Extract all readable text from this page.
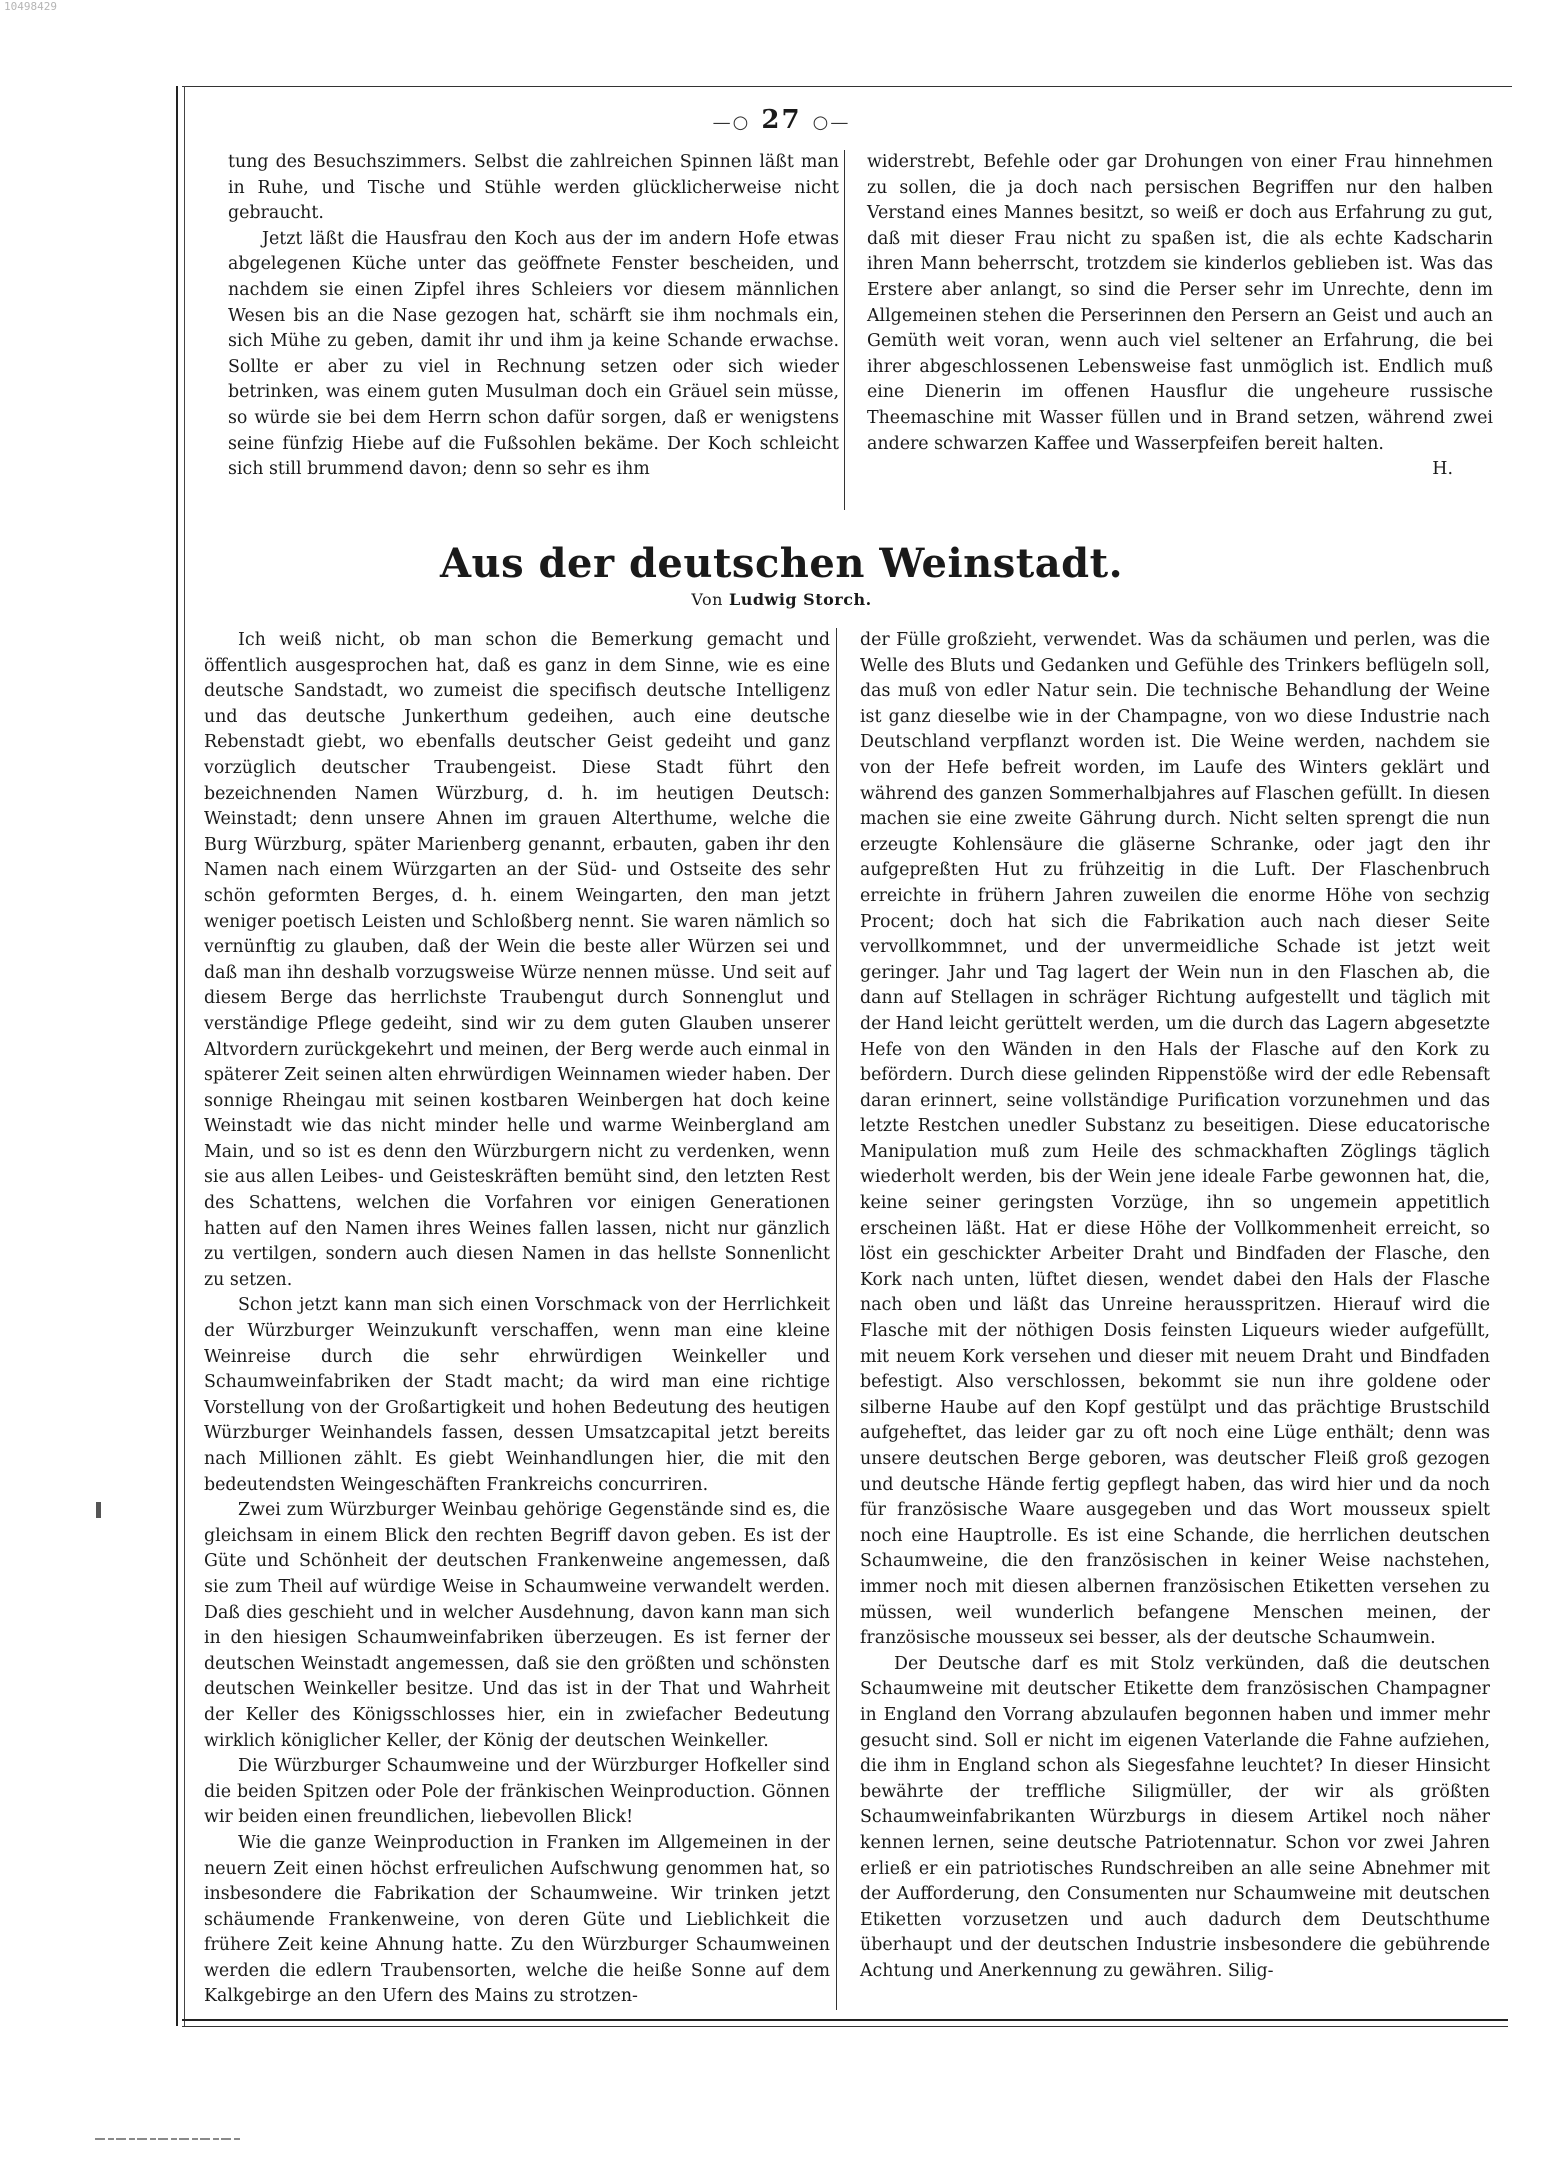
10498429
—○ 27 ○—

tung des Besuchszimmers. Selbst die zahlreichen Spinnen läßt man in Ruhe, und Tische und Stühle werden glücklicherweise nicht gebraucht.

Jetzt läßt die Hausfrau den Koch aus der im andern Hofe etwas abgelegenen Küche unter das geöffnete Fenster bescheiden, und nachdem sie einen Zipfel ihres Schleiers vor diesem männlichen Wesen bis an die Nase gezogen hat, schärft sie ihm nochmals ein, sich Mühe zu geben, damit ihr und ihm ja keine Schande erwachse. Sollte er aber zu viel in Rechnung setzen oder sich wieder betrinken, was einem guten Musulman doch ein Gräuel sein müsse, so würde sie bei dem Herrn schon dafür sorgen, daß er wenigstens seine fünfzig Hiebe auf die Fußsohlen bekäme. Der Koch schleicht sich still brummend davon; denn so sehr es ihm

widerstrebt, Befehle oder gar Drohungen von einer Frau hinnehmen zu sollen, die ja doch nach persischen Begriffen nur den halben Verstand eines Mannes besitzt, so weiß er doch aus Erfahrung zu gut, daß mit dieser Frau nicht zu spaßen ist, die als echte Kadscharin ihren Mann beherrscht, trotzdem sie kinderlos geblieben ist. Was das Erstere aber anlangt, so sind die Perser sehr im Unrechte, denn im Allgemeinen stehen die Perserinnen den Persern an Geist und auch an Gemüth weit voran, wenn auch viel seltener an Erfahrung, die bei ihrer abgeschlossenen Lebensweise fast unmöglich ist. Endlich muß eine Dienerin im offenen Hausflur die ungeheure russische Theemaschine mit Wasser füllen und in Brand setzen, während zwei andere schwarzen Kaffee und Wasserpfeifen bereit halten.

H.

Aus der deutschen Weinstadt.
Von Ludwig Storch.

Ich weiß nicht, ob man schon die Bemerkung gemacht und öffentlich ausgesprochen hat, daß es ganz in dem Sinne, wie es eine deutsche Sandstadt, wo zumeist die specifisch deutsche Intelligenz und das deutsche Junkerthum gedeihen, auch eine deutsche Rebenstadt giebt, wo ebenfalls deutscher Geist gedeiht und ganz vorzüglich deutscher Traubengeist. Diese Stadt führt den bezeichnenden Namen Würzburg, d. h. im heutigen Deutsch: Weinstadt; denn unsere Ahnen im grauen Alterthume, welche die Burg Würzburg, später Marienberg genannt, erbauten, gaben ihr den Namen nach einem Würzgarten an der Süd- und Ostseite des sehr schön geformten Berges, d. h. einem Weingarten, den man jetzt weniger poetisch Leisten und Schloßberg nennt. Sie waren nämlich so vernünftig zu glauben, daß der Wein die beste aller Würzen sei und daß man ihn deshalb vorzugsweise Würze nennen müsse. Und seit auf diesem Berge das herrlichste Traubengut durch Sonnenglut und verständige Pflege gedeiht, sind wir zu dem guten Glauben unserer Altvordern zurückgekehrt und meinen, der Berg werde auch einmal in späterer Zeit seinen alten ehrwürdigen Weinnamen wieder haben. Der sonnige Rheingau mit seinen kostbaren Weinbergen hat doch keine Weinstadt wie das nicht minder helle und warme Weinbergland am Main, und so ist es denn den Würzburgern nicht zu verdenken, wenn sie aus allen Leibes- und Geisteskräften bemüht sind, den letzten Rest des Schattens, welchen die Vorfahren vor einigen Generationen hatten auf den Namen ihres Weines fallen lassen, nicht nur gänzlich zu vertilgen, sondern auch diesen Namen in das hellste Sonnenlicht zu setzen.

Schon jetzt kann man sich einen Vorschmack von der Herrlichkeit der Würzburger Weinzukunft verschaffen, wenn man eine kleine Weinreise durch die sehr ehrwürdigen Weinkeller und Schaumweinfabriken der Stadt macht; da wird man eine richtige Vorstellung von der Großartigkeit und hohen Bedeutung des heutigen Würzburger Weinhandels fassen, dessen Umsatzcapital jetzt bereits nach Millionen zählt. Es giebt Weinhandlungen hier, die mit den bedeutendsten Weingeschäften Frankreichs concurriren.

Zwei zum Würzburger Weinbau gehörige Gegenstände sind es, die gleichsam in einem Blick den rechten Begriff davon geben. Es ist der Güte und Schönheit der deutschen Frankenweine angemessen, daß sie zum Theil auf würdige Weise in Schaumweine verwandelt werden. Daß dies geschieht und in welcher Ausdehnung, davon kann man sich in den hiesigen Schaumweinfabriken überzeugen. Es ist ferner der deutschen Weinstadt angemessen, daß sie den größten und schönsten deutschen Weinkeller besitze. Und das ist in der That und Wahrheit der Keller des Königsschlosses hier, ein in zwiefacher Bedeutung wirklich königlicher Keller, der König der deutschen Weinkeller.

Die Würzburger Schaumweine und der Würzburger Hofkeller sind die beiden Spitzen oder Pole der fränkischen Weinproduction. Gönnen wir beiden einen freundlichen, liebevollen Blick!

Wie die ganze Weinproduction in Franken im Allgemeinen in der neuern Zeit einen höchst erfreulichen Aufschwung genommen hat, so insbesondere die Fabrikation der Schaumweine. Wir trinken jetzt schäumende Frankenweine, von deren Güte und Lieblichkeit die frühere Zeit keine Ahnung hatte. Zu den Würzburger Schaumweinen werden die edlern Traubensorten, welche die heiße Sonne auf dem Kalkgebirge an den Ufern des Mains zu strotzen-

der Fülle großzieht, verwendet. Was da schäumen und perlen, was die Welle des Bluts und Gedanken und Gefühle des Trinkers beflügeln soll, das muß von edler Natur sein. Die technische Behandlung der Weine ist ganz dieselbe wie in der Champagne, von wo diese Industrie nach Deutschland verpflanzt worden ist. Die Weine werden, nachdem sie von der Hefe befreit worden, im Laufe des Winters geklärt und während des ganzen Sommerhalbjahres auf Flaschen gefüllt. In diesen machen sie eine zweite Gährung durch. Nicht selten sprengt die nun erzeugte Kohlensäure die gläserne Schranke, oder jagt den ihr aufgepreßten Hut zu frühzeitig in die Luft. Der Flaschenbruch erreichte in frühern Jahren zuweilen die enorme Höhe von sechzig Procent; doch hat sich die Fabrikation auch nach dieser Seite vervollkommnet, und der unvermeidliche Schade ist jetzt weit geringer. Jahr und Tag lagert der Wein nun in den Flaschen ab, die dann auf Stellagen in schräger Richtung aufgestellt und täglich mit der Hand leicht gerüttelt werden, um die durch das Lagern abgesetzte Hefe von den Wänden in den Hals der Flasche auf den Kork zu befördern. Durch diese gelinden Rippenstöße wird der edle Rebensaft daran erinnert, seine vollständige Purification vorzunehmen und das letzte Restchen unedler Substanz zu beseitigen. Diese educatorische Manipulation muß zum Heile des schmackhaften Zöglings täglich wiederholt werden, bis der Wein jene ideale Farbe gewonnen hat, die, keine seiner geringsten Vorzüge, ihn so ungemein appetitlich erscheinen läßt. Hat er diese Höhe der Vollkommenheit erreicht, so löst ein geschickter Arbeiter Draht und Bindfaden der Flasche, den Kork nach unten, lüftet diesen, wendet dabei den Hals der Flasche nach oben und läßt das Unreine herausspritzen. Hierauf wird die Flasche mit der nöthigen Dosis feinsten Liqueurs wieder aufgefüllt, mit neuem Kork versehen und dieser mit neuem Draht und Bindfaden befestigt. Also verschlossen, bekommt sie nun ihre goldene oder silberne Haube auf den Kopf gestülpt und das prächtige Brustschild aufgeheftet, das leider gar zu oft noch eine Lüge enthält; denn was unsere deutschen Berge geboren, was deutscher Fleiß groß gezogen und deutsche Hände fertig gepflegt haben, das wird hier und da noch für französische Waare ausgegeben und das Wort mousseux spielt noch eine Hauptrolle. Es ist eine Schande, die herrlichen deutschen Schaumweine, die den französischen in keiner Weise nachstehen, immer noch mit diesen albernen französischen Etiketten versehen zu müssen, weil wunderlich befangene Menschen meinen, der französische mousseux sei besser, als der deutsche Schaumwein.

Der Deutsche darf es mit Stolz verkünden, daß die deutschen Schaumweine mit deutscher Etikette dem französischen Champagner in England den Vorrang abzulaufen begonnen haben und immer mehr gesucht sind. Soll er nicht im eigenen Vaterlande die Fahne aufziehen, die ihm in England schon als Siegesfahne leuchtet? In dieser Hinsicht bewährte der treffliche Siligmüller, der wir als größten Schaumweinfabrikanten Würzburgs in diesem Artikel noch näher kennen lernen, seine deutsche Patriotennatur. Schon vor zwei Jahren erließ er ein patriotisches Rundschreiben an alle seine Abnehmer mit der Aufforderung, den Consumenten nur Schaumweine mit deutschen Etiketten vorzusetzen und auch dadurch dem Deutschthume überhaupt und der deutschen Industrie insbesondere die gebührende Achtung und Anerkennung zu gewähren. Silig-
